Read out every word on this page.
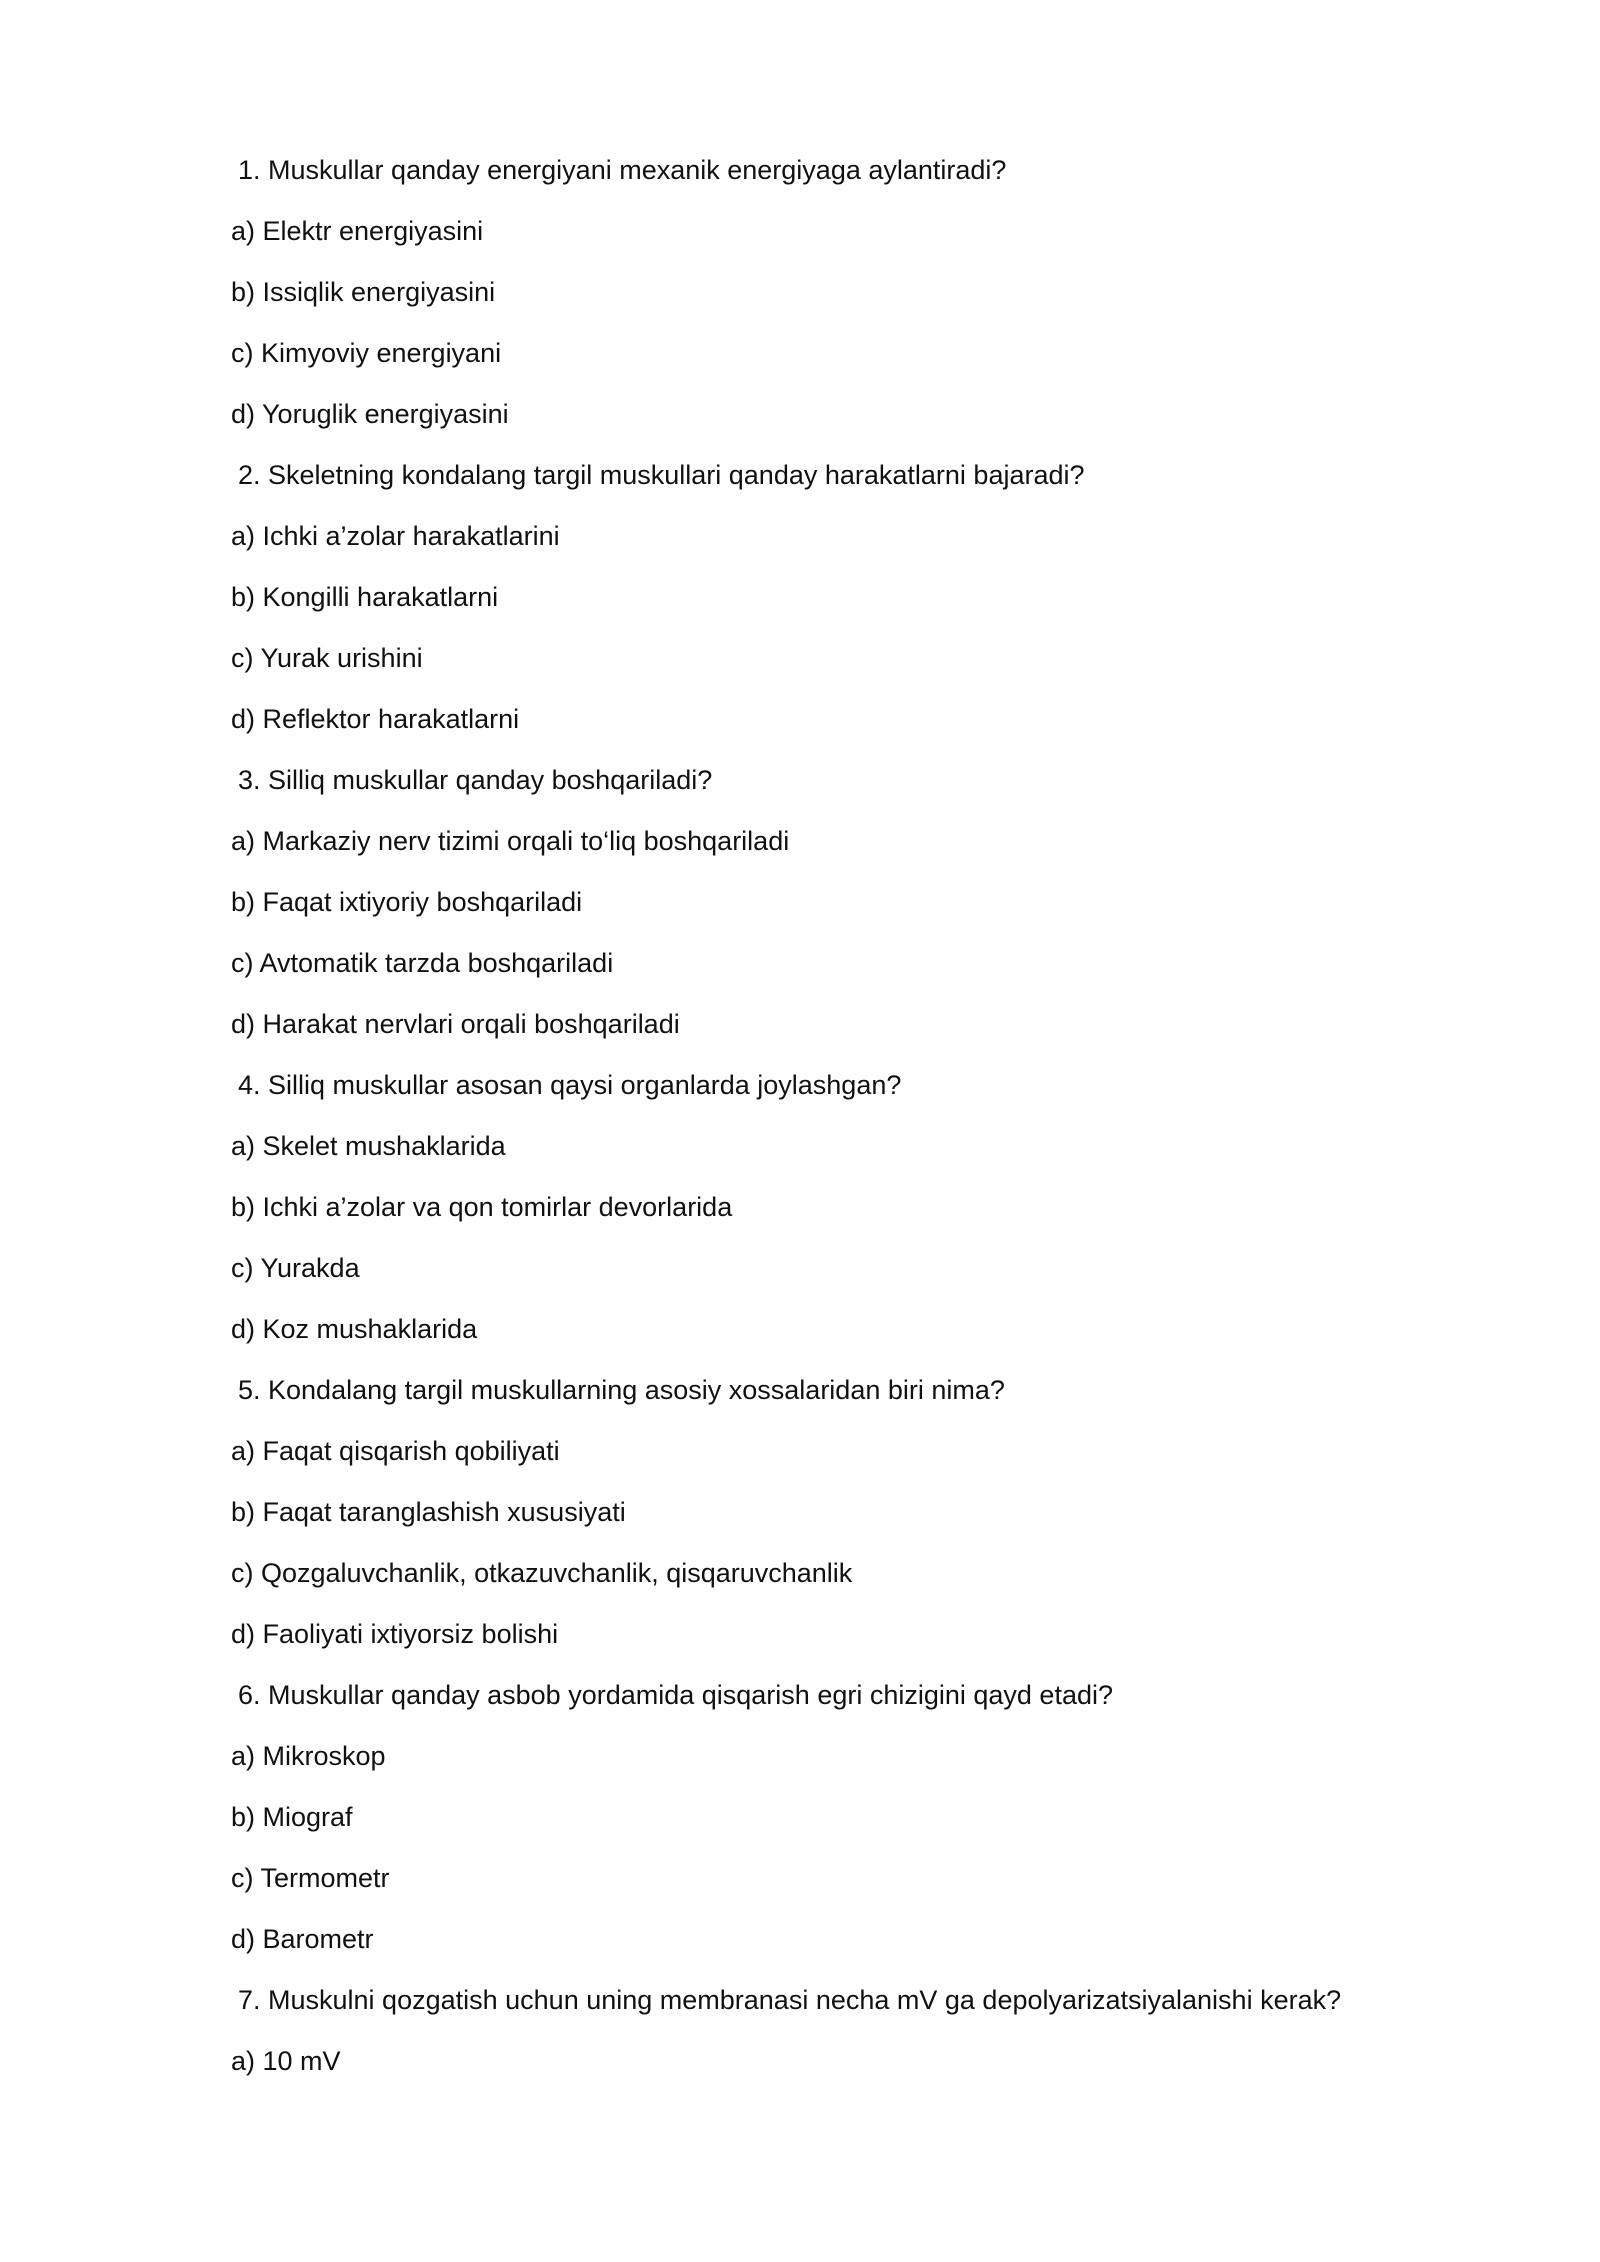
1. Muskullar qanday energiyani mexanik energiyaga aylantiradi?
a) Elektr energiyasini
b) Issiqlik energiyasini
c) Kimyoviy energiyani
d) Yoruglik energiyasini
2. Skeletning kondalang targil muskullari qanday harakatlarni bajaradi?
a) Ichki a’zolar harakatlarini
b) Kongilli harakatlarni
c) Yurak urishini
d) Reflektor harakatlarni
3. Silliq muskullar qanday boshqariladi?
a) Markaziy nerv tizimi orqali to‘liq boshqariladi
b) Faqat ixtiyoriy boshqariladi
c) Avtomatik tarzda boshqariladi
d) Harakat nervlari orqali boshqariladi
4. Silliq muskullar asosan qaysi organlarda joylashgan?
a) Skelet mushaklarida
b) Ichki a’zolar va qon tomirlar devorlarida
c) Yurakda
d) Koz mushaklarida
5. Kondalang targil muskullarning asosiy xossalaridan biri nima?
a) Faqat qisqarish qobiliyati
b) Faqat taranglashish xususiyati
c) Qozgaluvchanlik, otkazuvchanlik, qisqaruvchanlik
d) Faoliyati ixtiyorsiz bolishi
6. Muskullar qanday asbob yordamida qisqarish egri chizigini qayd etadi?
a) Mikroskop
b) Miograf
c) Termometr
d) Barometr
7. Muskulni qozgatish uchun uning membranasi necha mV ga depolyarizatsiyalanishi kerak?
a) 10 mV
